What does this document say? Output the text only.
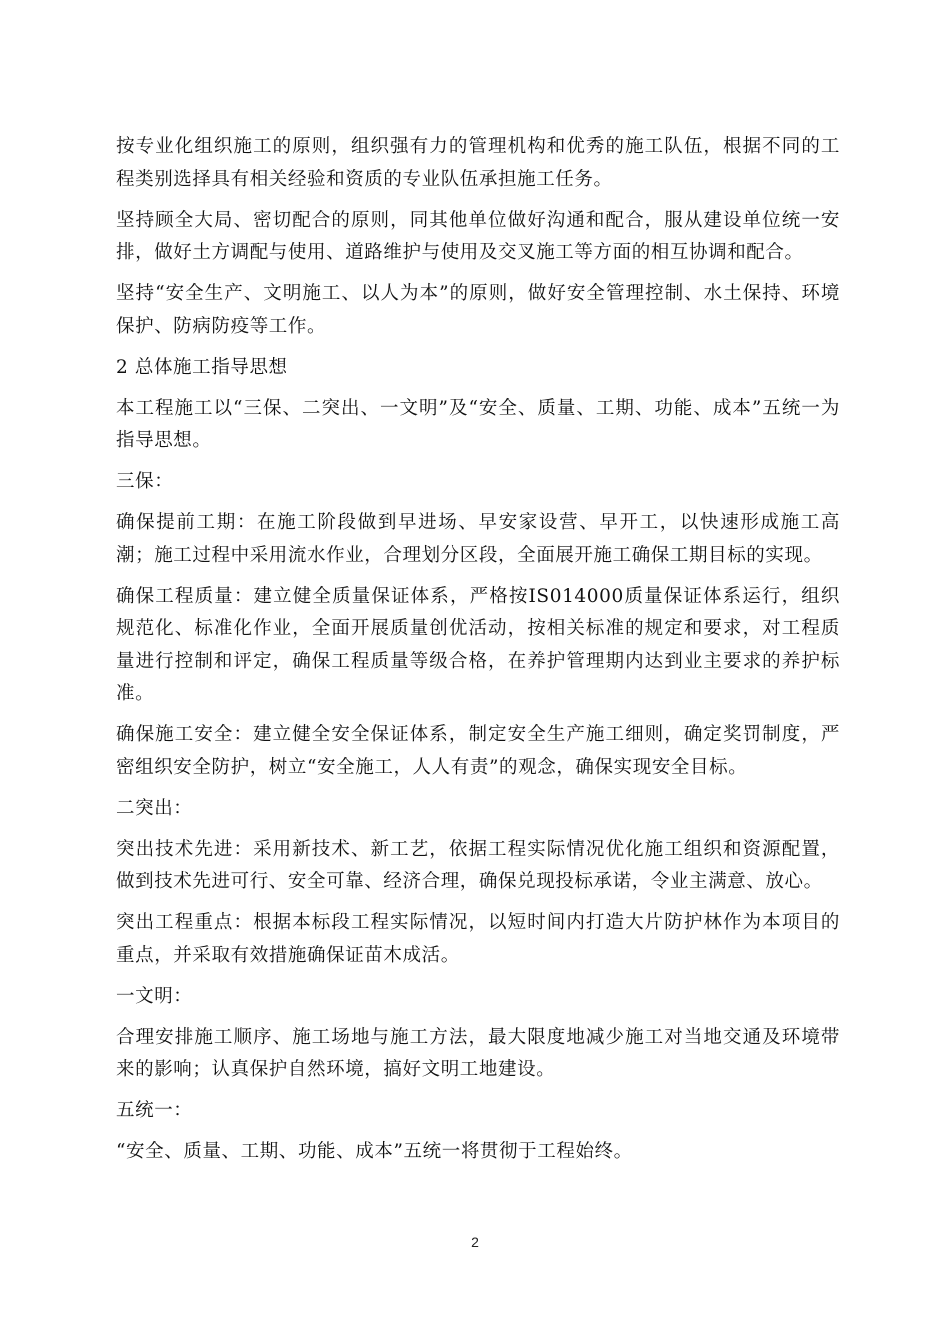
按专业化组织施工的原则，组织强有力的管理机构和优秀的施工队伍，根据不同的工程类别选择具有相关经验和资质的专业队伍承担施工任务。

坚持顾全大局、密切配合的原则，同其他单位做好沟通和配合，服从建设单位统一安排，做好土方调配与使用、道路维护与使用及交叉施工等方面的相互协调和配合。

坚持“安全生产、文明施工、以人为本”的原则，做好安全管理控制、水土保持、环境保护、防病防疫等工作。

2 总体施工指导思想

本工程施工以“三保、二突出、一文明”及“安全、质量、工期、功能、成本”五统一为指导思想。

三保：

确保提前工期：在施工阶段做到早进场、早安家设营、早开工，以快速形成施工高潮；施工过程中采用流水作业，合理划分区段，全面展开施工确保工期目标的实现。

确保工程质量：建立健全质量保证体系，严格按IS014000质量保证体系运行，组织规范化、标准化作业，全面开展质量创优活动，按相关标准的规定和要求，对工程质量进行控制和评定，确保工程质量等级合格，在养护管理期内达到业主要求的养护标准。

确保施工安全：建立健全安全保证体系，制定安全生产施工细则，确定奖罚制度，严密组织安全防护，树立“安全施工，人人有责”的观念，确保实现安全目标。

二突出：

突出技术先进：采用新技术、新工艺，依据工程实际情况优化施工组织和资源配置，做到技术先进可行、安全可靠、经济合理，确保兑现投标承诺，令业主满意、放心。

突出工程重点：根据本标段工程实际情况，以短时间内打造大片防护林作为本项目的重点，并采取有效措施确保证苗木成活。

一文明：

合理安排施工顺序、施工场地与施工方法，最大限度地减少施工对当地交通及环境带来的影响；认真保护自然环境，搞好文明工地建设。

五统一：

“安全、质量、工期、功能、成本”五统一将贯彻于工程始终。

2
